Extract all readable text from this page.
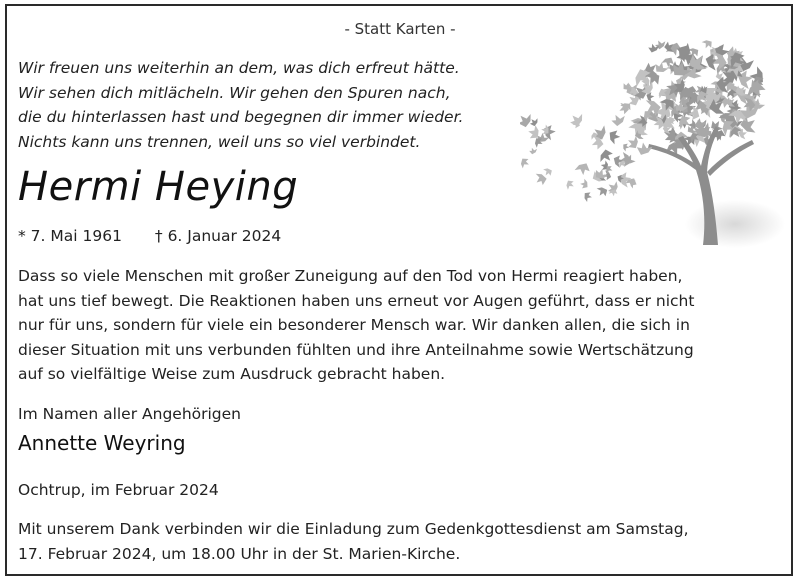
- Statt Karten -
Wir freuen uns weiterhin an dem, was dich erfreut hätte.
Wir sehen dich mitlächeln. Wir gehen den Spuren nach,
die du hinterlassen hast und begegnen dir immer wieder.
Nichts kann uns trennen, weil uns so viel verbindet.
Hermi Heying
* 7. Mai 1961 † 6. Januar 2024
Dass so viele Menschen mit großer Zuneigung auf den Tod von Hermi reagiert haben,
hat uns tief bewegt. Die Reaktionen haben uns erneut vor Augen geführt, dass er nicht
nur für uns, sondern für viele ein besonderer Mensch war. Wir danken allen, die sich in
dieser Situation mit uns verbunden fühlten und ihre Anteilnahme sowie Wertschätzung
auf so vielfältige Weise zum Ausdruck gebracht haben.
Im Namen aller Angehörigen
Annette Weyring
Ochtrup, im Februar 2024
Mit unserem Dank verbinden wir die Einladung zum Gedenkgottesdienst am Samstag,
17. Februar 2024, um 18.00 Uhr in der St. Marien-Kirche.
